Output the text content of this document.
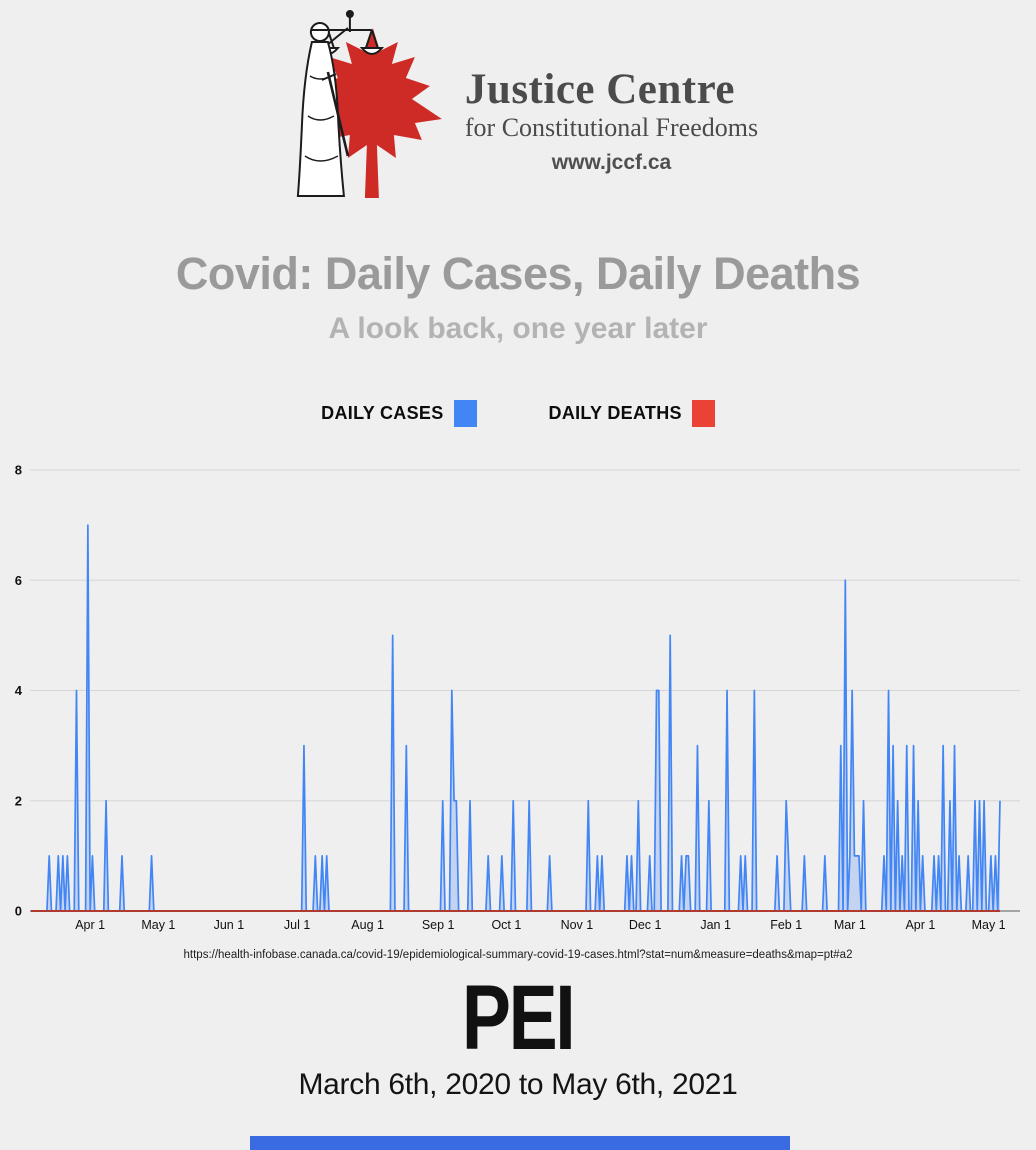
Justice Centre
for Constitutional Freedoms
www.jccf.ca
Covid: Daily Cases, Daily Deaths
A look back, one year later
DAILY CASES	DAILY DEATHS
0
2
4
6
8
Apr 1	May 1	Jun 1	Jul 1	Aug 1	Sep 1	Oct 1	Nov 1	Dec 1	Jan 1	Feb 1	Mar 1	Apr 1	May 1
https://health-infobase.canada.ca/covid-19/epidemiological-summary-covid-19-cases.html?stat=num&measure=deaths&map=pt#a2
PEI
March 6th, 2020 to May 6th, 2021
